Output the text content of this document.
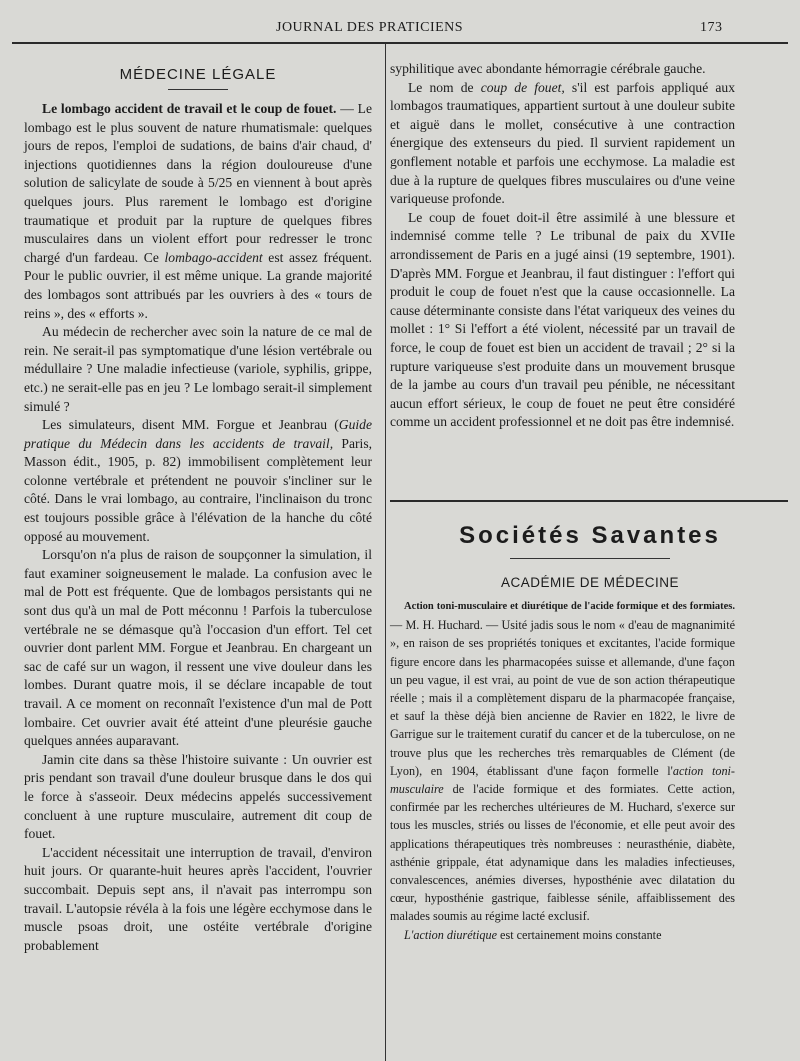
JOURNAL DES PRATICIENS	173
MÉDECINE LÉGALE

Le lombago accident de travail et le coup de fouet. — Le lombago est le plus souvent de nature rhumatismale: quelques jours de repos, l'emploi de sudations, de bains d'air chaud, d' injections quotidiennes dans la région douloureuse d'une solution de salicylate de soude à 5/25 en viennent à bout après quelques jours. Plus rarement le lombago est d'origine traumatique et produit par la rupture de quelques fibres musculaires dans un violent effort pour redresser le tronc chargé d'un fardeau. Ce lombago-accident est assez fréquent. Pour le public ouvrier, il est même unique. La grande majorité des lombagos sont attribués par les ouvriers à des « tours de reins », des « efforts ».

Au médecin de rechercher avec soin la nature de ce mal de rein. Ne serait-il pas symptomatique d'une lésion vertébrale ou médullaire ? Une maladie infectieuse (variole, syphilis, grippe, etc.) ne serait-elle pas en jeu ? Le lombago serait-il simplement simulé ?

Les simulateurs, disent MM. Forgue et Jeanbrau (Guide pratique du Médecin dans les accidents de travail, Paris, Masson édit., 1905, p. 82) immobilisent complètement leur colonne vertébrale et prétendent ne pouvoir s'incliner sur le côté. Dans le vrai lombago, au contraire, l'inclinaison du tronc est toujours possible grâce à l'élévation de la hanche du côté opposé au mouvement.

Lorsqu'on n'a plus de raison de soupçonner la simulation, il faut examiner soigneusement le malade. La confusion avec le mal de Pott est fréquente. Que de lombagos persistants qui ne sont dus qu'à un mal de Pott méconnu ! Parfois la tuberculose vertébrale ne se démasque qu'à l'occasion d'un effort. Tel cet ouvrier dont parlent MM. Forgue et Jeanbrau. En chargeant un sac de café sur un wagon, il ressent une vive douleur dans les lombes. Durant quatre mois, il se déclare incapable de tout travail. A ce moment on reconnaît l'existence d'un mal de Pott lombaire. Cet ouvrier avait été atteint d'une pleurésie gauche quelques années auparavant.

Jamin cite dans sa thèse l'histoire suivante : Un ouvrier est pris pendant son travail d'une douleur brusque dans le dos qui le force à s'asseoir. Deux médecins appelés successivement concluent à une rupture musculaire, autrement dit coup de fouet.

L'accident nécessitait une interruption de travail, d'environ huit jours. Or quarante-huit heures après l'accident, l'ouvrier succombait. Depuis sept ans, il n'avait pas interrompu son travail. L'autopsie révéla à la fois une légère ecchymose dans le muscle psoas droit, une ostéite vertébrale d'origine probablement

syphilitique avec abondante hémorragie cérébrale gauche.

Le nom de coup de fouet, s'il est parfois appliqué aux lombagos traumatiques, appartient surtout à une douleur subite et aiguë dans le mollet, consécutive à une contraction énergique des extenseurs du pied. Il survient rapidement un gonflement notable et parfois une ecchymose. La maladie est due à la rupture de quelques fibres musculaires ou d'une veine variqueuse profonde.

Le coup de fouet doit-il être assimilé à une blessure et indemnisé comme telle ? Le tribunal de paix du XVIIe arrondissement de Paris en a jugé ainsi (19 septembre, 1901). D'après MM. Forgue et Jeanbrau, il faut distinguer : l'effort qui produit le coup de fouet n'est que la cause occasionnelle. La cause déterminante consiste dans l'état variqueux des veines du mollet : 1° Si l'effort a été violent, nécessité par un travail de force, le coup de fouet est bien un accident de travail ; 2° si la rupture variqueuse s'est produite dans un mouvement brusque de la jambe au cours d'un travail peu pénible, ne nécessitant aucun effort sérieux, le coup de fouet ne peut être considéré comme un accident professionnel et ne doit pas être indemnisé.

Sociétés Savantes
ACADÉMIE DE MÉDECINE

Action toni-musculaire et diurétique de l'acide formique et des formiates. — M. H. Huchard. — Usité jadis sous le nom « d'eau de magnanimité », en raison de ses propriétés toniques et excitantes, l'acide formique figure encore dans les pharmacopées suisse et allemande, d'une façon un peu vague, il est vrai, au point de vue de son action thérapeutique réelle ; mais il a complètement disparu de la pharmacopée française, et sauf la thèse déjà bien ancienne de Ravier en 1822, le livre de Garrigue sur le traitement curatif du cancer et de la tuberculose, on ne trouve plus que les recherches très remarquables de Clément (de Lyon), en 1904, établissant d'une façon formelle l'action toni-musculaire de l'acide formique et des formiates. Cette action, confirmée par les recherches ultérieures de M. Huchard, s'exerce sur tous les muscles, striés ou lisses de l'économie, et elle peut avoir des applications thérapeutiques très nombreuses : neurasthénie, diabète, asthénie grippale, état adynamique dans les maladies infectieuses, convalescences, anémies diverses, hyposthénie avec dilatation du cœur, hyposthénie gastrique, faiblesse sénile, affaiblissement des malades soumis au régime lacté exclusif.

L'action diurétique est certainement moins constante
